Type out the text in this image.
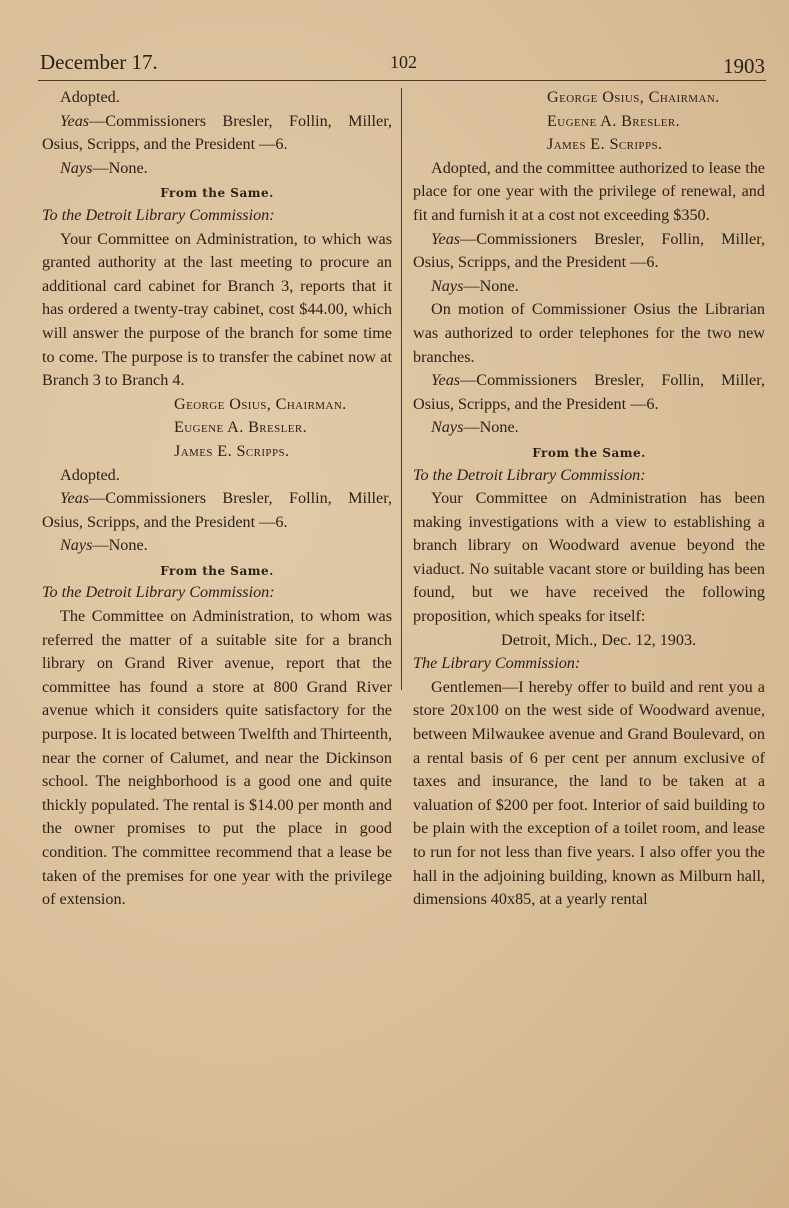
December 17.	102	1903

Adopted.

Yeas—Commissioners Bresler, Follin, Miller, Osius, Scripps, and the President —6.

Nays—None.

From the Same.

To the Detroit Library Commission:

Your Committee on Administration, to which was granted authority at the last meeting to procure an additional card cabinet for Branch 3, reports that it has ordered a twenty-tray cabinet, cost $44.00, which will answer the purpose of the branch for some time to come. The purpose is to transfer the cabinet now at Branch 3 to Branch 4.

George Osius, Chairman.

Eugene A. Bresler.

James E. Scripps.

Adopted.

Yeas—Commissioners Bresler, Follin, Miller, Osius, Scripps, and the President —6.

Nays—None.

From the Same.

To the Detroit Library Commission:

The Committee on Administration, to whom was referred the matter of a suitable site for a branch library on Grand River avenue, report that the committee has found a store at 800 Grand River avenue which it considers quite satisfactory for the purpose. It is located between Twelfth and Thirteenth, near the corner of Calumet, and near the Dickinson school. The neighborhood is a good one and quite thickly populated. The rental is $14.00 per month and the owner promises to put the place in good condition. The committee recommend that a lease be taken of the premises for one year with the privilege of extension.

George Osius, Chairman.

Eugene A. Bresler.

James E. Scripps.

Adopted, and the committee authorized to lease the place for one year with the privilege of renewal, and fit and furnish it at a cost not exceeding $350.

Yeas—Commissioners Bresler, Follin, Miller, Osius, Scripps, and the President —6.

Nays—None.

On motion of Commissioner Osius the Librarian was authorized to order telephones for the two new branches.

Yeas—Commissioners Bresler, Follin, Miller, Osius, Scripps, and the President —6.

Nays—None.

From the Same.

To the Detroit Library Commission:

Your Committee on Administration has been making investigations with a view to establishing a branch library on Woodward avenue beyond the viaduct. No suitable vacant store or building has been found, but we have received the following proposition, which speaks for itself:

Detroit, Mich., Dec. 12, 1903.

The Library Commission:

Gentlemen—I hereby offer to build and rent you a store 20x100 on the west side of Woodward avenue, between Milwaukee avenue and Grand Boulevard, on a rental basis of 6 per cent per annum exclusive of taxes and insurance, the land to be taken at a valuation of $200 per foot. Interior of said building to be plain with the exception of a toilet room, and lease to run for not less than five years. I also offer you the hall in the adjoining building, known as Milburn hall, dimensions 40x85, at a yearly rental
